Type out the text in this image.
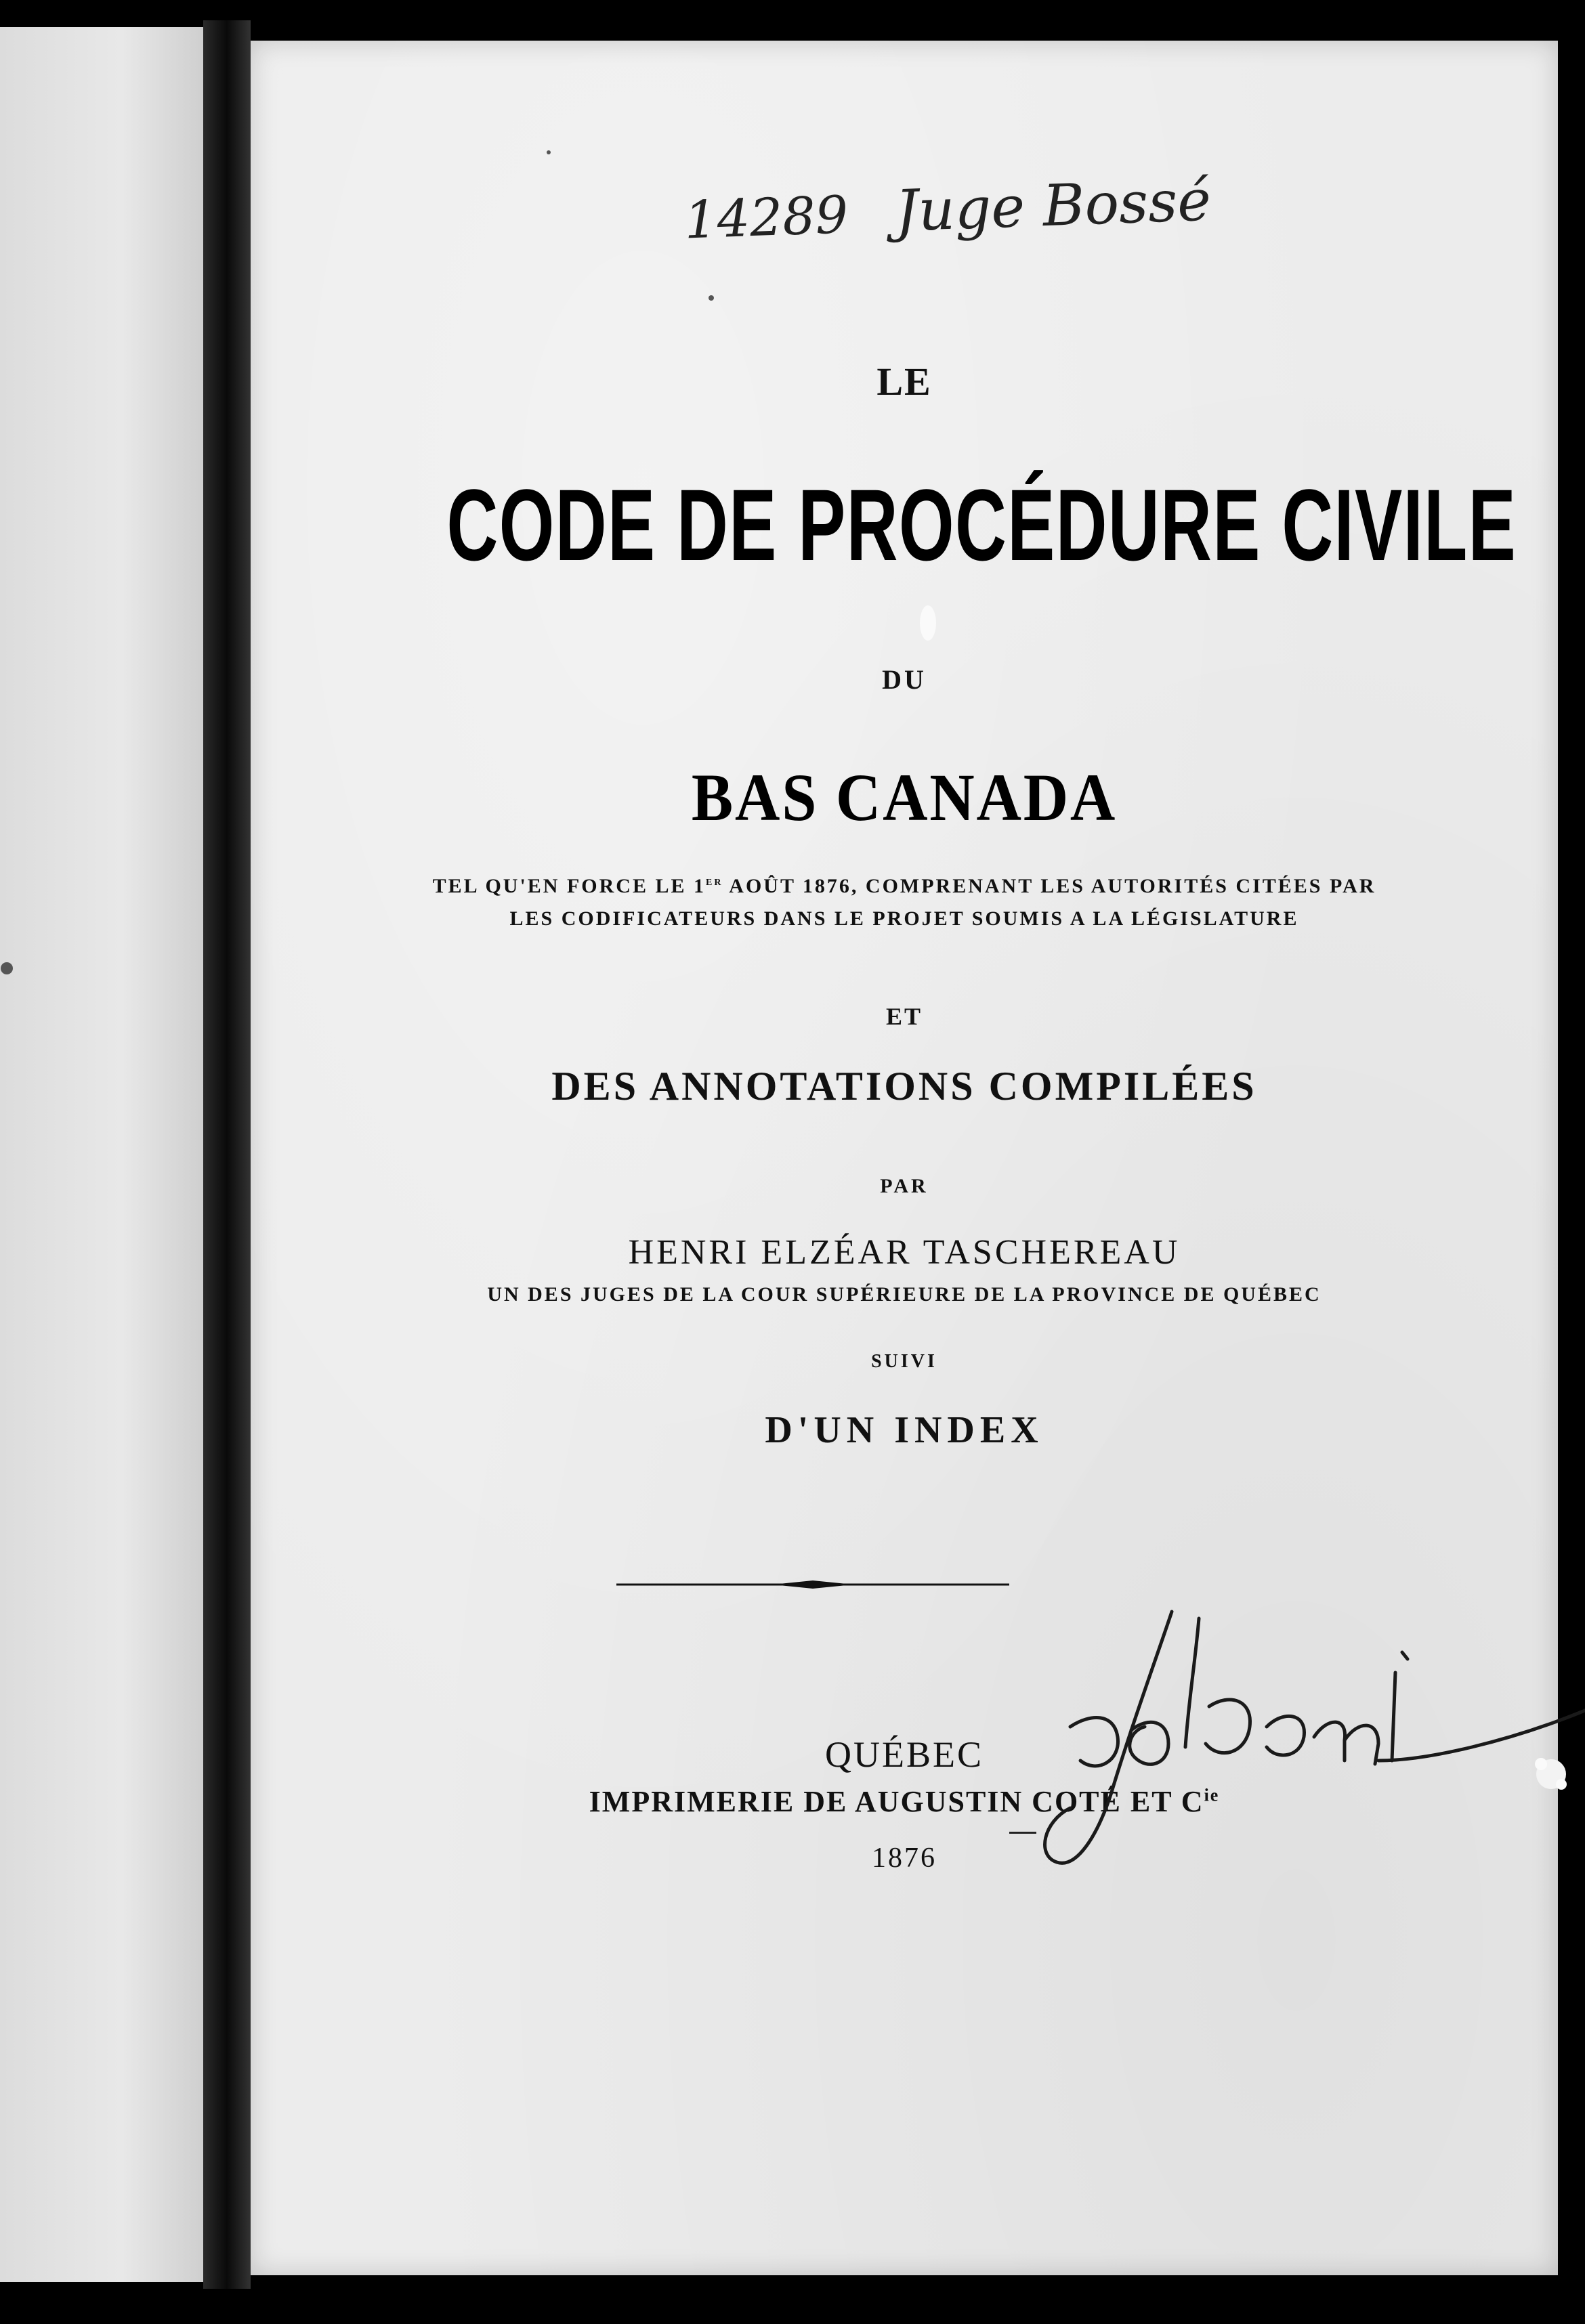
14289 Juge Bossé
LE
CODE DE PROCÉDURE CIVILE
DU
BAS CANADA
TEL QU'EN FORCE LE 1er AOÛT 1876, COMPRENANT LES AUTORITÉS CITÉES PAR
LES CODIFICATEURS DANS LE PROJET SOUMIS A LA LÉGISLATURE
ET
DES ANNOTATIONS COMPILÉES
PAR
HENRI ELZÉAR TASCHEREAU
UN DES JUGES DE LA COUR SUPÉRIEURE DE LA PROVINCE DE QUÉBEC
SUIVI
D'UN INDEX
QUÉBEC
IMPRIMERIE DE AUGUSTIN COTÉ ET $C^{ie}$
1876
